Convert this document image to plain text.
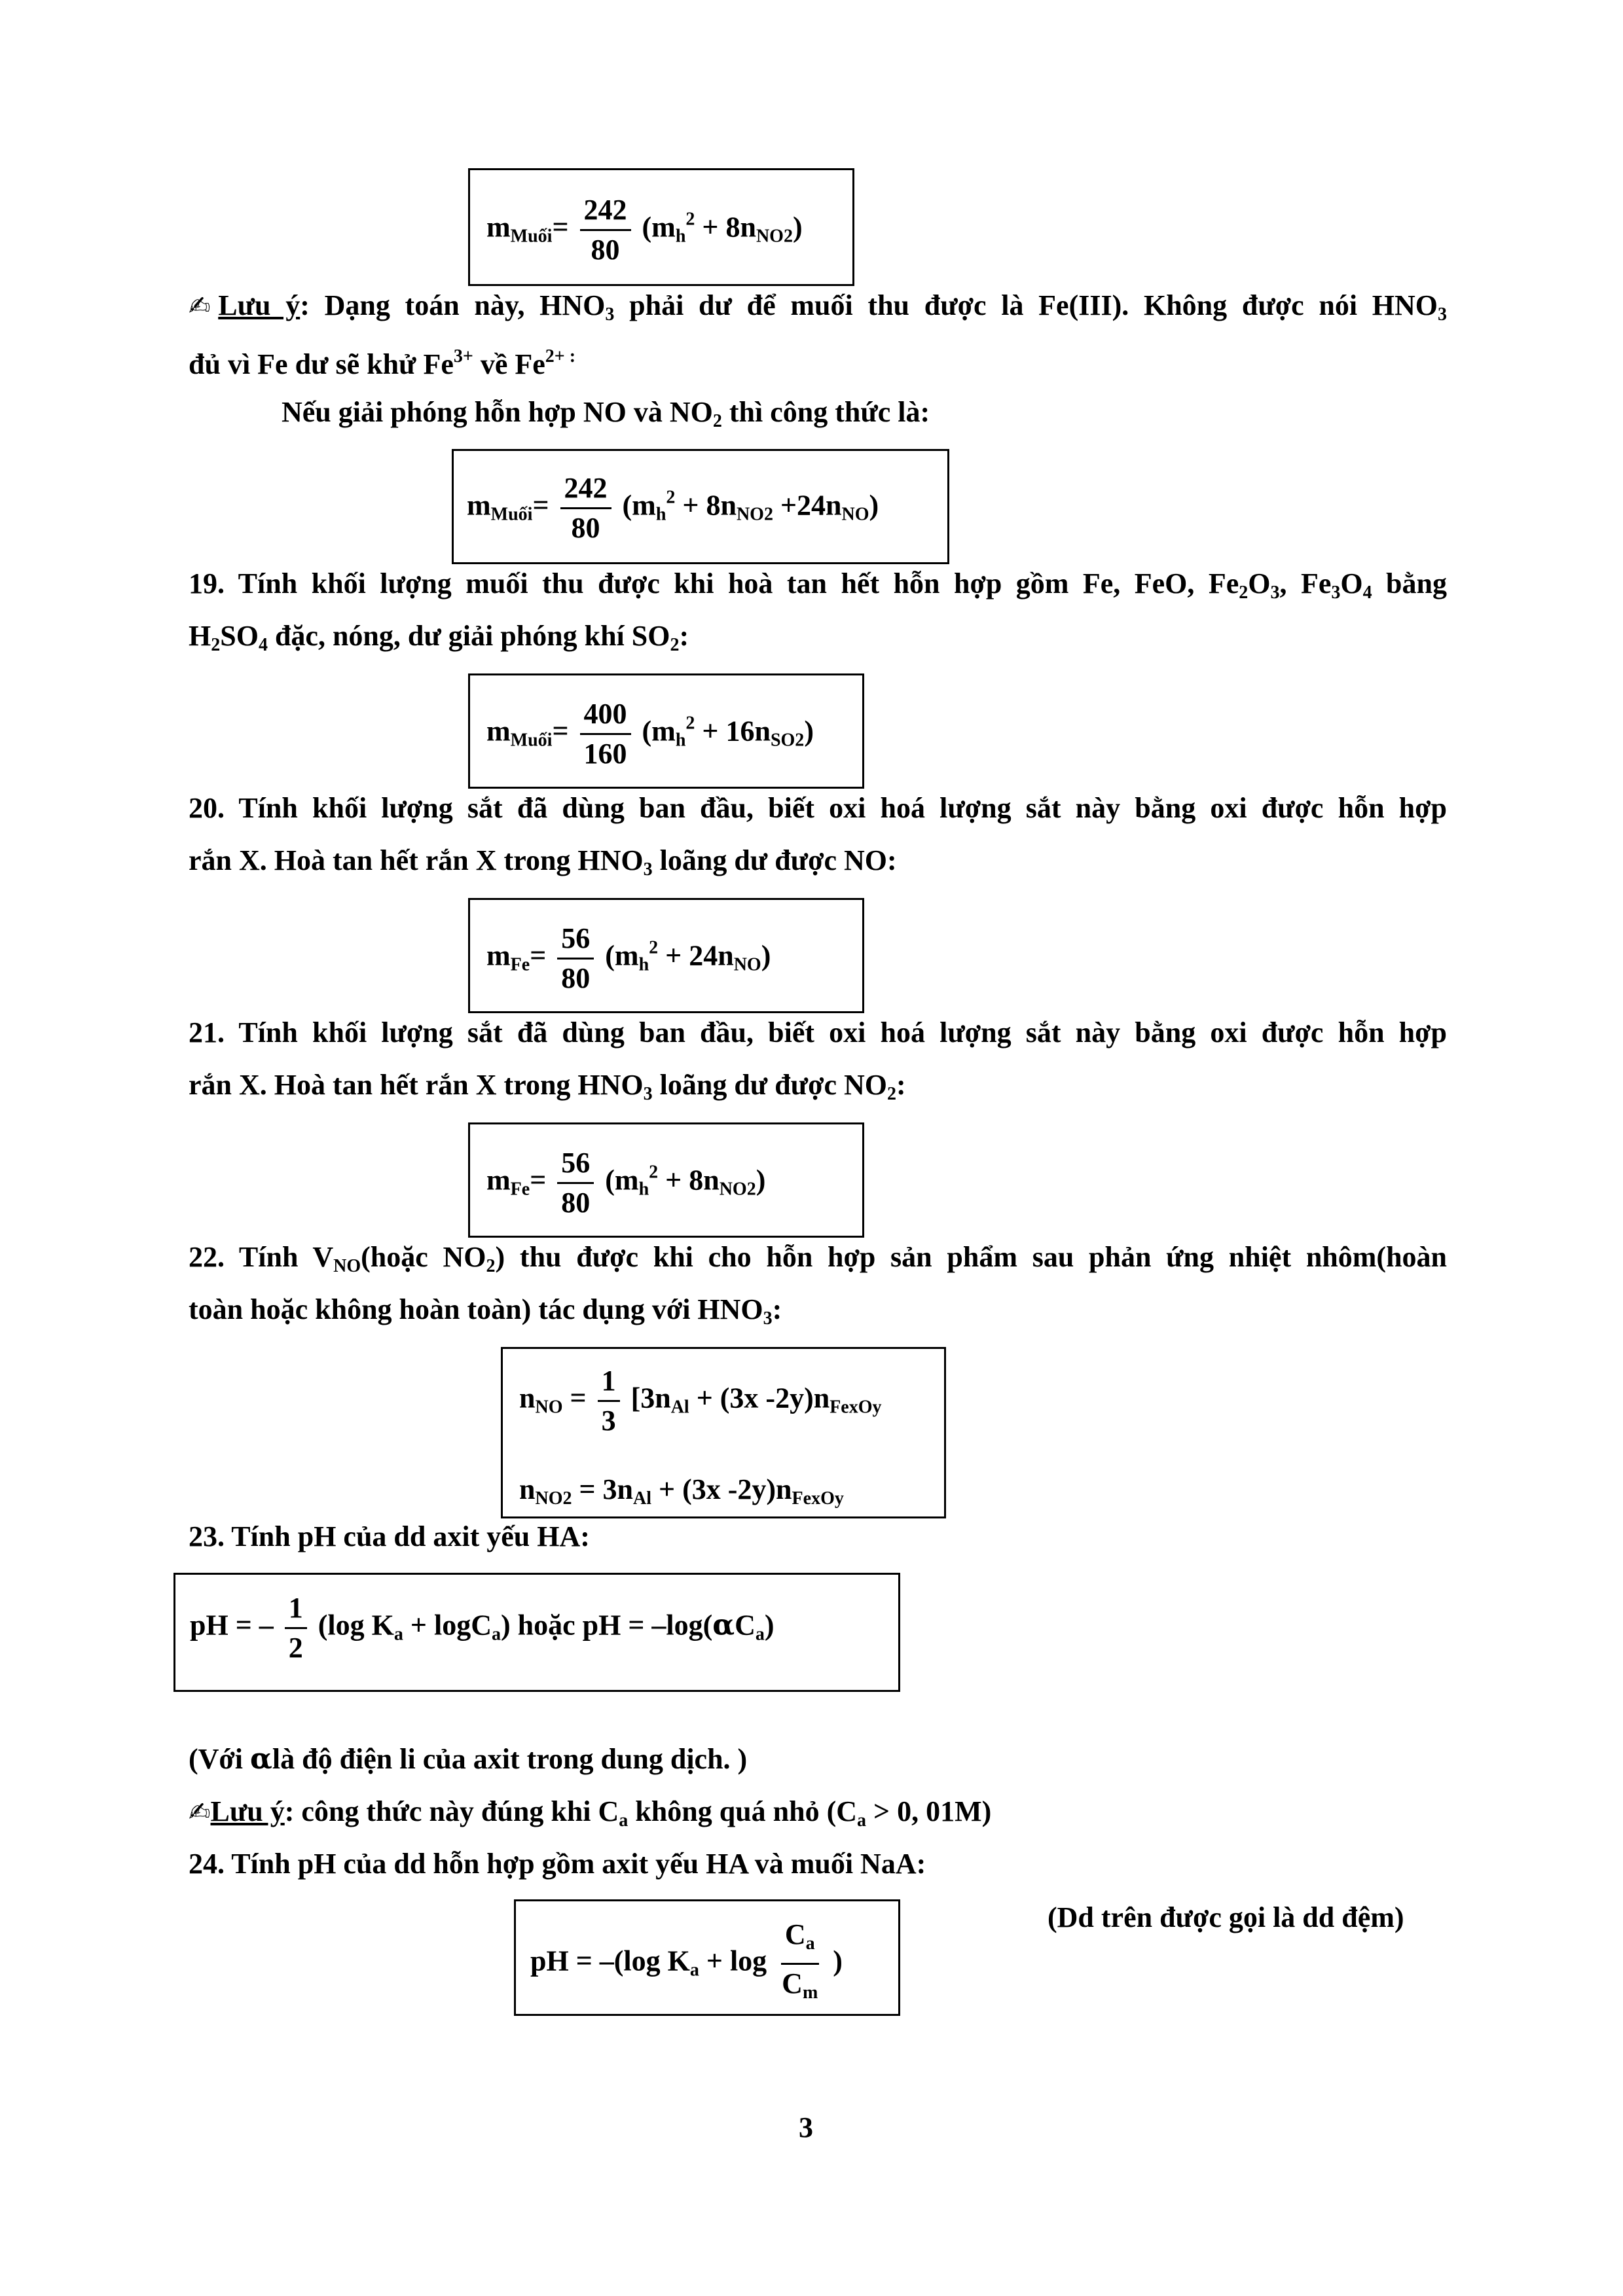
$m_{Muối}= \frac{242}{80} (m_h^2 + 8n_{NO2})$
✍Lưu ý: Dạng toán này, $HNO_3$ phải dư để muối thu được là Fe(III). Không được nói $HNO_3$
đủ vì Fe dư sẽ khử $Fe^{3+}$ về $Fe^{2+ :}$
Nếu giải phóng hỗn hợp NO và $NO_2$ thì công thức là:
$m_{Muối}= \frac{242}{80} (m_h^2 + 8n_{NO2} +24n_{NO})$
19. Tính khối lượng muối thu được khi hoà tan hết hỗn hợp gồm Fe, FeO, $Fe_2O_3$, $Fe_3O_4$ bằng
$H_2SO_4$ đặc, nóng, dư giải phóng khí $SO_2$:
$m_{Muối}= \frac{400}{160} (m_h^2 + 16n_{SO2})$
20. Tính khối lượng sắt đã dùng ban đầu, biết oxi hoá lượng sắt này bằng oxi được hỗn hợp
rắn X. Hoà tan hết rắn X trong $HNO_3$ loãng dư được NO:
$m_{Fe}= \frac{56}{80} (m_h^2 + 24n_{NO})$
21. Tính khối lượng sắt đã dùng ban đầu, biết oxi hoá lượng sắt này bằng oxi được hỗn hợp
rắn X. Hoà tan hết rắn X trong $HNO_3$ loãng dư được $NO_2$:
$m_{Fe}= \frac{56}{80} (m_h^2 + 8n_{NO2})$
22. Tính $V_{NO}(hoặc$ $NO_2$) thu được khi cho hỗn hợp sản phẩm sau phản ứng nhiệt nhôm(hoàn
toàn hoặc không hoàn toàn) tác dụng với $HNO_3$:
$n_{NO} = \frac{1}{3} [3n_{Al} + (3x$ $-2y)n_{FexOy}$
$n_{NO2} = 3n_{Al} + (3x$ $-2y)n_{FexOy}$
23. Tính pH của dd axit yếu HA:
pH = – $\frac{1}{2} (\log$ $K_a + \log C_a$) hoặc pH = $-\log(\alpha C_a)$
(Với αlà độ điện li của axit trong dung dịch. )
✍Lưu ý: công thức này đúng khi $C_a$ không quá nhỏ ($C_a > 0$, 01M)
24. Tính pH của dd hỗn hợp gồm axit yếu HA và muối NaA:
pH = –(log $K_a + \log \frac{C_a}{C_m}$ )
(Dd trên được gọi là dd đệm)
3
